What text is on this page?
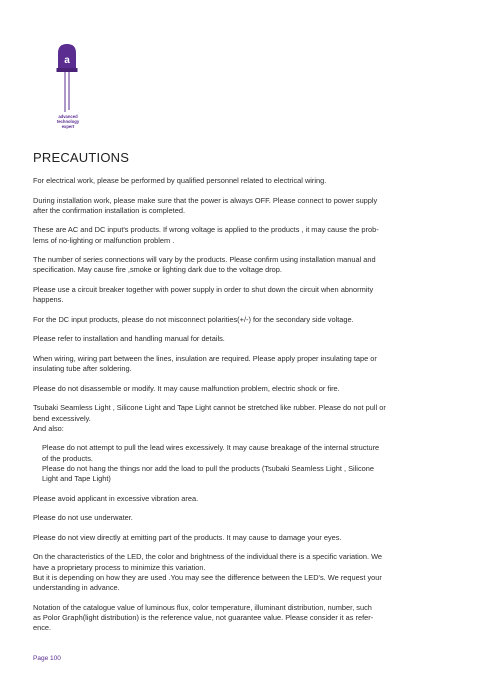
a
advanced
technology
expert
PRECAUTIONS
For electrical work, please be performed by qualified personnel related to electrical wiring.
During installation work, please make sure that the power is always OFF. Please connect to power supply
after the confirmation installation is completed.
These are AC and DC input's products. If wrong voltage is applied to the products , it may cause the prob-
lems of no-lighting or malfunction problem .
The number of series connections will vary by the products. Please confirm using installation manual and
specification. May cause fire ,smoke or lighting dark due to the voltage drop.
Please use a circuit breaker together with power supply in order to shut down the circuit when abnormity
happens.
For the DC input products, please do not misconnect polarities(+/-) for the secondary side voltage.
Please refer to installation and handling manual for details.
When wiring, wiring part between the lines, insulation are required. Please apply proper insulating tape or
insulating tube after soldering.
Please do not disassemble or modify. It may cause malfunction problem, electric shock or fire.
Tsubaki Seamless Light , Silicone Light and Tape Light cannot be stretched like rubber. Please do not pull or
bend excessively.
And also:
Please do not attempt to pull the lead wires excessively. It may cause breakage of the internal structure
of the products.
Please do not hang the things nor add the load to pull the products (Tsubaki Seamless Light , Silicone
Light and Tape Light)
Please avoid applicant in excessive vibration area.
Please do not use underwater.
Please do not view directly at emitting part of the products. It may cause to damage your eyes.
On the characteristics of the LED, the color and brightness of the individual there is a specific variation. We
have a proprietary process to minimize this variation.
But it is depending on how they are used .You may see the difference between the LED's. We request your
understanding in advance.
Notation of the catalogue value of luminous flux, color temperature, illuminant distribution, number, such
as Polor Graph(light distribution) is the reference value, not guarantee value. Please consider it as refer-
ence.
Page 100
